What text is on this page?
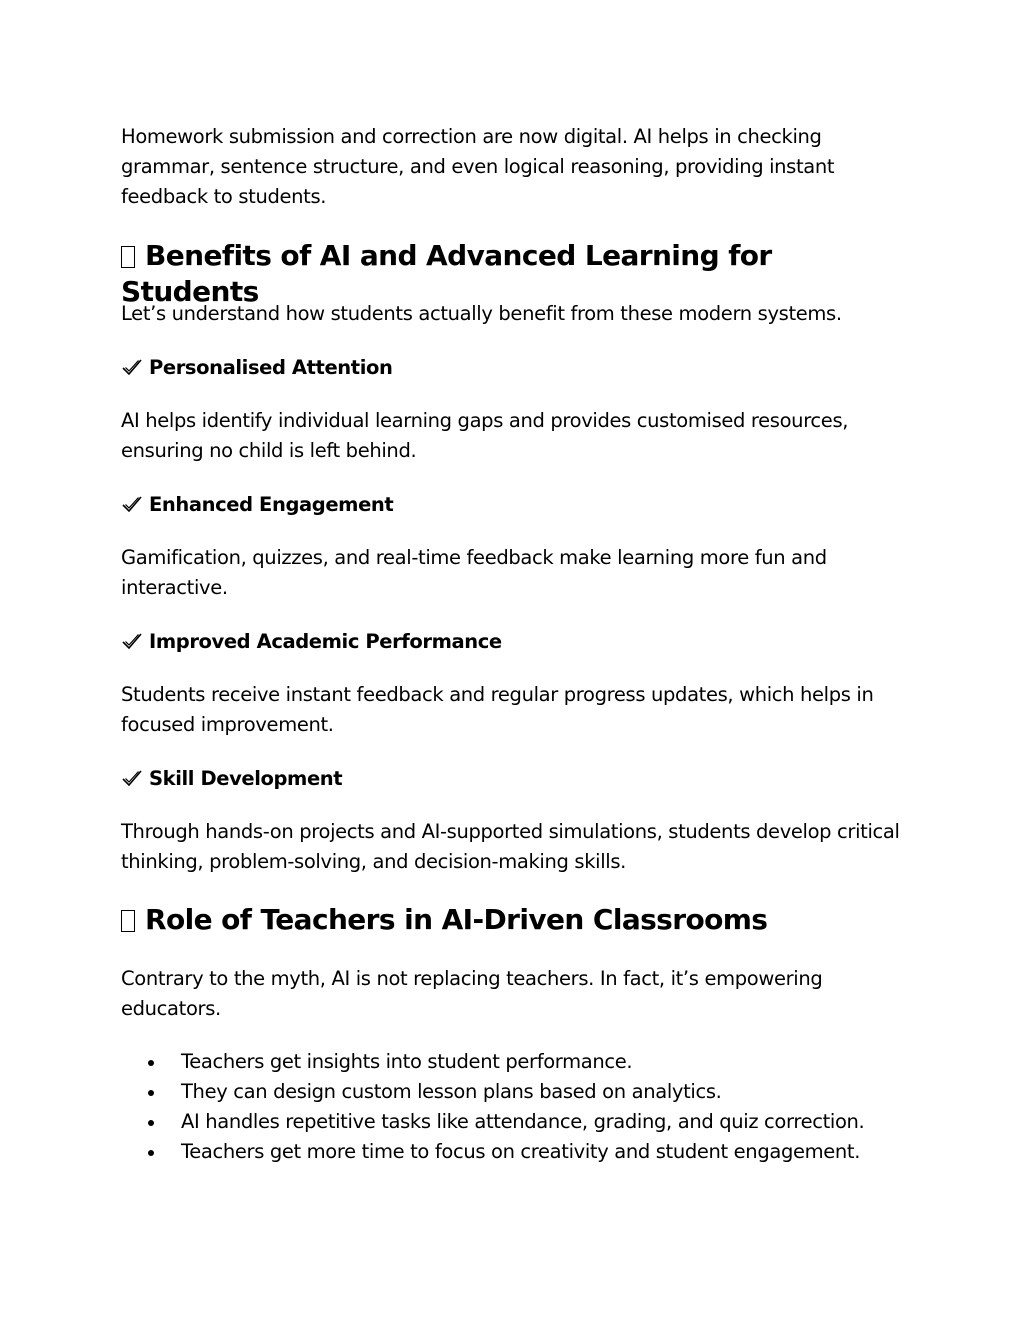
Homework submission and correction are now digital. AI helps in checking grammar, sentence structure, and even logical reasoning, providing instant feedback to students.

Benefits of AI and Advanced Learning for Students

Let’s understand how students actually benefit from these modern systems.

Personalised Attention

AI helps identify individual learning gaps and provides customised resources, ensuring no child is left behind.

Enhanced Engagement

Gamification, quizzes, and real-time feedback make learning more fun and interactive.

Improved Academic Performance

Students receive instant feedback and regular progress updates, which helps in focused improvement.

Skill Development

Through hands-on projects and AI-supported simulations, students develop critical thinking, problem-solving, and decision-making skills.

Role of Teachers in AI-Driven Classrooms

Contrary to the myth, AI is not replacing teachers. In fact, it’s empowering educators.

Teachers get insights into student performance.
They can design custom lesson plans based on analytics.
AI handles repetitive tasks like attendance, grading, and quiz correction.
Teachers get more time to focus on creativity and student engagement.
